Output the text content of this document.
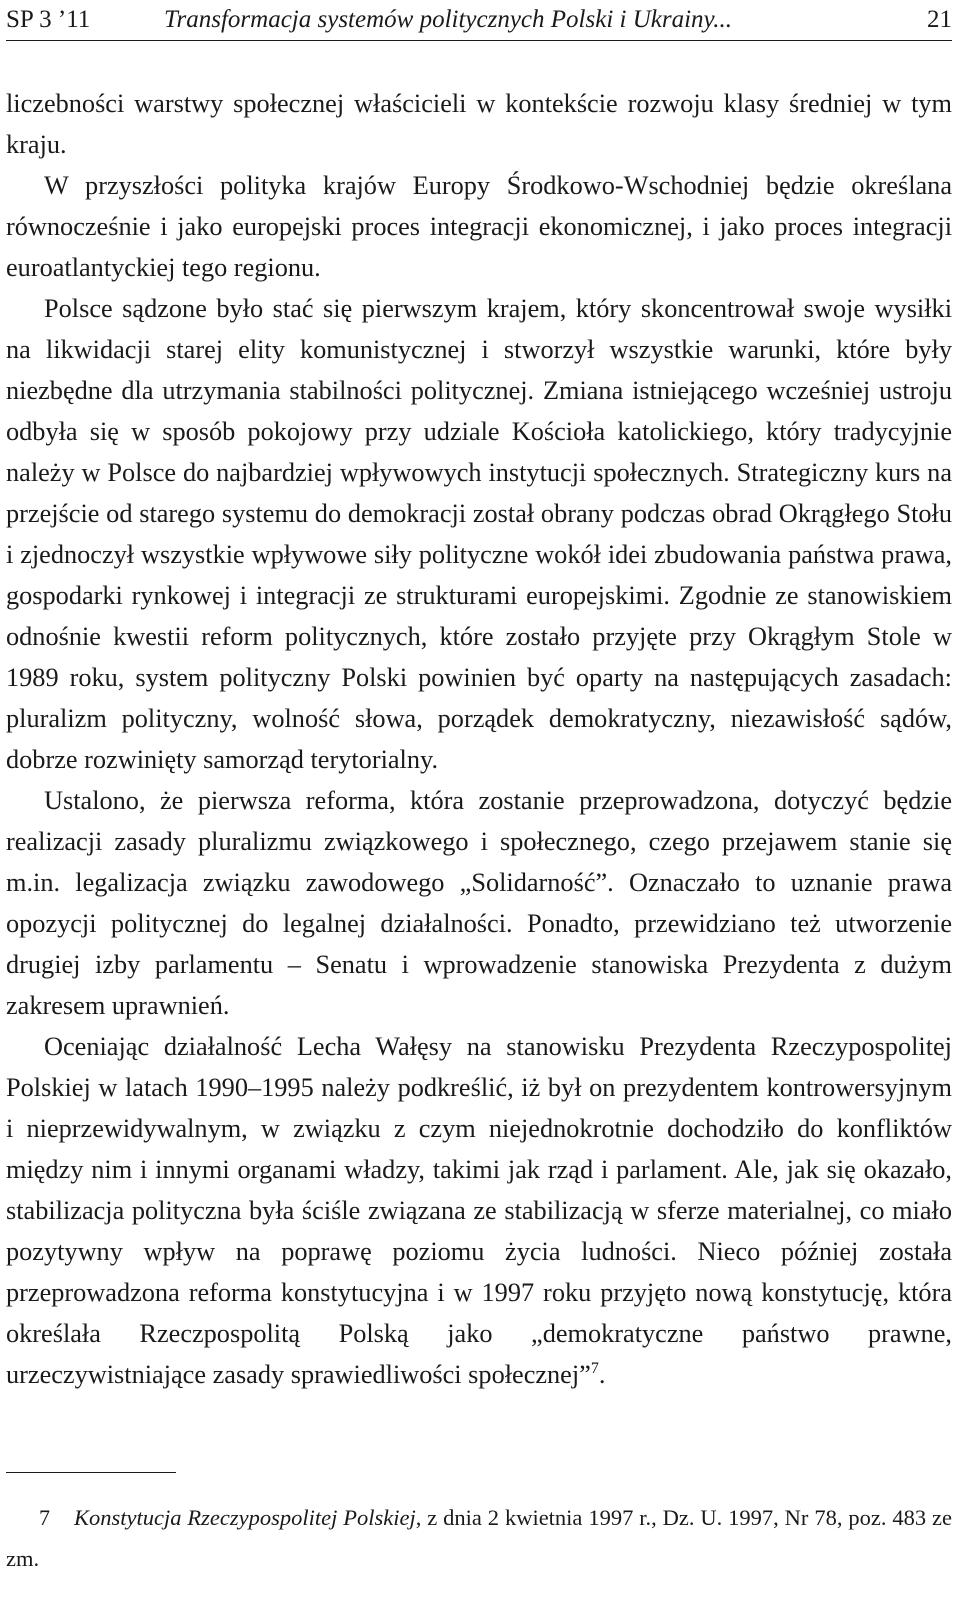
SP 3 ’11	Transformacja systemów politycznych Polski i Ukrainy...	21

liczebności warstwy społecznej właścicieli w kontekście rozwoju klasy średniej w tym kraju.

W przyszłości polityka krajów Europy Środkowo-Wschodniej będzie określana równocześnie i jako europejski proces integracji ekonomicznej, i jako proces integracji euroatlantyckiej tego regionu.

Polsce sądzone było stać się pierwszym krajem, który skoncentrował swoje wysiłki na likwidacji starej elity komunistycznej i stworzył wszystkie warunki, które były niezbędne dla utrzymania stabilności politycznej. Zmiana istniejącego wcześniej ustroju odbyła się w sposób pokojowy przy udziale Kościoła katolickiego, który tradycyjnie należy w Polsce do najbardziej wpływowych instytucji społecznych. Strategiczny kurs na przejście od starego systemu do demokracji został obrany podczas obrad Okrągłego Stołu i zjednoczył wszystkie wpływowe siły polityczne wokół idei zbudowania państwa prawa, gospodarki rynkowej i integracji ze strukturami europejskimi. Zgodnie ze stanowiskiem odnośnie kwestii reform politycznych, które zostało przyjęte przy Okrągłym Stole w 1989 roku, system polityczny Polski powinien być oparty na następujących zasadach: pluralizm polityczny, wolność słowa, porządek demokratyczny, niezawisłość sądów, dobrze rozwinięty samorząd terytorialny.

Ustalono, że pierwsza reforma, która zostanie przeprowadzona, dotyczyć będzie realizacji zasady pluralizmu związkowego i społecznego, czego przejawem stanie się m.in. legalizacja związku zawodowego „Solidarność”. Oznaczało to uznanie prawa opozycji politycznej do legalnej działalności. Ponadto, przewidziano też utworzenie drugiej izby parlamentu – Senatu i wprowadzenie stanowiska Prezydenta z dużym zakresem uprawnień.

Oceniając działalność Lecha Wałęsy na stanowisku Prezydenta Rzeczypospolitej Polskiej w latach 1990–1995 należy podkreślić, iż był on prezydentem kontrowersyjnym i nieprzewidywalnym, w związku z czym niejednokrotnie dochodziło do konfliktów między nim i innymi organami władzy, takimi jak rząd i parlament. Ale, jak się okazało, stabilizacja polityczna była ściśle związana ze stabilizacją w sferze materialnej, co miało pozytywny wpływ na poprawę poziomu życia ludności. Nieco później została przeprowadzona reforma konstytucyjna i w 1997 roku przyjęto nową konstytucję, która określała Rzeczpospolitą Polską jako „demokratyczne państwo prawne, urzeczywistniające zasady sprawiedliwości społecznej”$^7$.

7 Konstytucja Rzeczypospolitej Polskiej, z dnia 2 kwietnia 1997 r., Dz. U. 1997, Nr 78, poz. 483 ze zm.
